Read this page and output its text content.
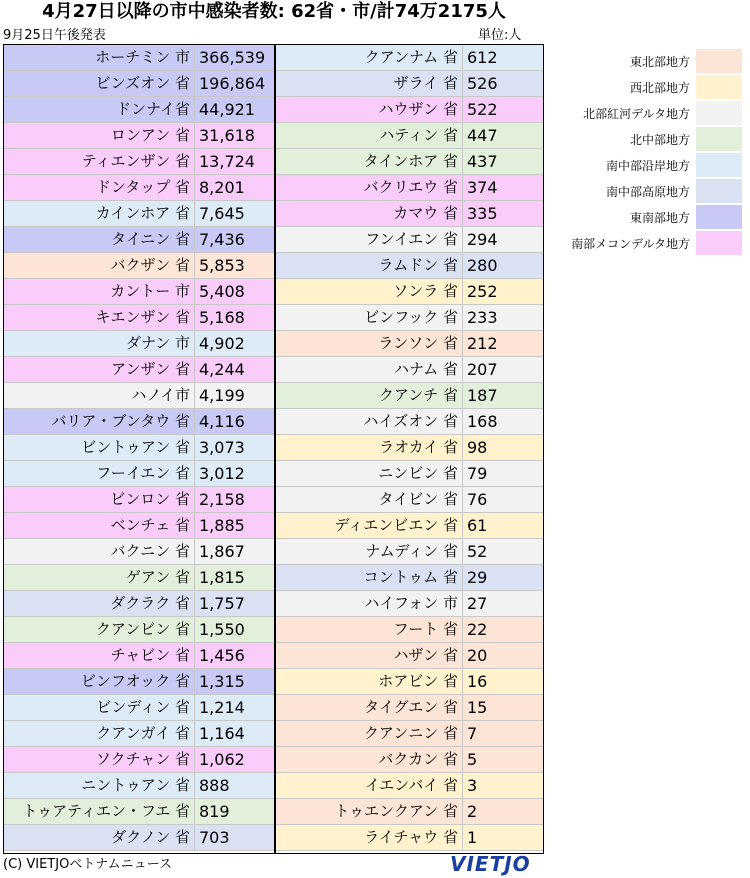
4月27日以降の市中感染者数: 62省・市/計74万2175人
9月25日午後発表	単位:人
ホーチミン 市 366,539
ビンズオン 省 196,864
ドンナイ省 44,921
ロンアン 省 31,618
ティエンザン 省 13,724
ドンタップ 省 8,201
カインホア 省 7,645
タイニン 省 7,436
バクザン 省 5,853
カントー 市 5,408
キエンザン 省 5,168
ダナン 市 4,902
アンザン 省 4,244
ハノイ市 4,199
バリア・ブンタウ 省 4,116
ビントゥアン 省 3,073
フーイエン 省 3,012
ビンロン 省 2,158
ベンチェ 省 1,885
バクニン 省 1,867
ゲアン 省 1,815
ダクラク 省 1,757
クアンビン 省 1,550
チャビン 省 1,456
ビンフオック 省 1,315
ビンディン 省 1,214
クアンガイ 省 1,164
ソクチャン 省 1,062
ニントゥアン 省 888
トゥアティエン・フエ 省 819
ダクノン 省 703
クアンナム 省 612
ザライ 省 526
ハウザン 省 522
ハティン 省 447
タインホア 省 437
バクリエウ 省 374
カマウ 省 335
フンイエン 省 294
ラムドン 省 280
ソンラ 省 252
ビンフック 省 233
ランソン 省 212
ハナム 省 207
クアンチ 省 187
ハイズオン 省 168
ラオカイ 省 98
ニンビン 省 79
タイビン 省 76
ディエンビエン 省 61
ナムディン 省 52
コントゥム 省 29
ハイフォン 市 27
フート 省 22
ハザン 省 20
ホアビン 省 16
タイグエン 省 15
クアンニン 省 7
バクカン 省 5
イエンバイ 省 3
トゥエンクアン 省 2
ライチャウ 省 1
東北部地方
西北部地方
北部紅河デルタ地方
北中部地方
南中部沿岸地方
南中部高原地方
東南部地方
南部メコンデルタ地方
(C) VIETJOベトナムニュース	VIETJO
